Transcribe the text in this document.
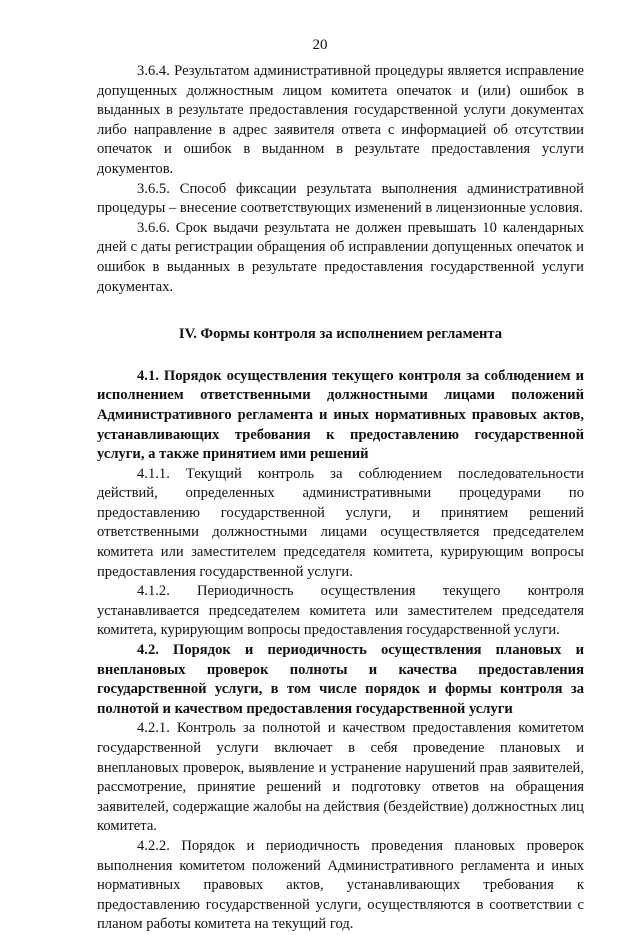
20

3.6.4. Результатом административной процедуры является исправление допущенных должностным лицом комитета опечаток и (или) ошибок в выданных в результате предоставления государственной услуги документах либо направление в адрес заявителя ответа с информацией об отсутствии опечаток и ошибок в выданном в результате предоставления услуги документов.

3.6.5. Способ фиксации результата выполнения административной процедуры – внесение соответствующих изменений в лицензионные условия.

3.6.6. Срок выдачи результата не должен превышать 10 календарных дней с даты регистрации обращения об исправлении допущенных опечаток и ошибок в выданных в результате предоставления государственной услуги документах.

IV. Формы контроля за исполнением регламента

4.1. Порядок осуществления текущего контроля за соблюдением и исполнением ответственными должностными лицами положений Административного регламента и иных нормативных правовых актов, устанавливающих требования к предоставлению государственной услуги, а также принятием ими решений

4.1.1. Текущий контроль за соблюдением последовательности действий, определенных административными процедурами по предоставлению государственной услуги, и принятием решений ответственными должностными лицами осуществляется председателем комитета или заместителем председателя комитета, курирующим вопросы предоставления государственной услуги.

4.1.2. Периодичность осуществления текущего контроля устанавливается председателем комитета или заместителем председателя комитета, курирующим вопросы предоставления государственной услуги.

4.2. Порядок и периодичность осуществления плановых и внеплановых проверок полноты и качества предоставления государственной услуги, в том числе порядок и формы контроля за полнотой и качеством предоставления государственной услуги

4.2.1. Контроль за полнотой и качеством предоставления комитетом государственной услуги включает в себя проведение плановых и внеплановых проверок, выявление и устранение нарушений прав заявителей, рассмотрение, принятие решений и подготовку ответов на обращения заявителей, содержащие жалобы на действия (бездействие) должностных лиц комитета.

4.2.2. Порядок и периодичность проведения плановых проверок выполнения комитетом положений Административного регламента и иных нормативных правовых актов, устанавливающих требования к предоставлению государственной услуги, осуществляются в соответствии с планом работы комитета на текущий год.
